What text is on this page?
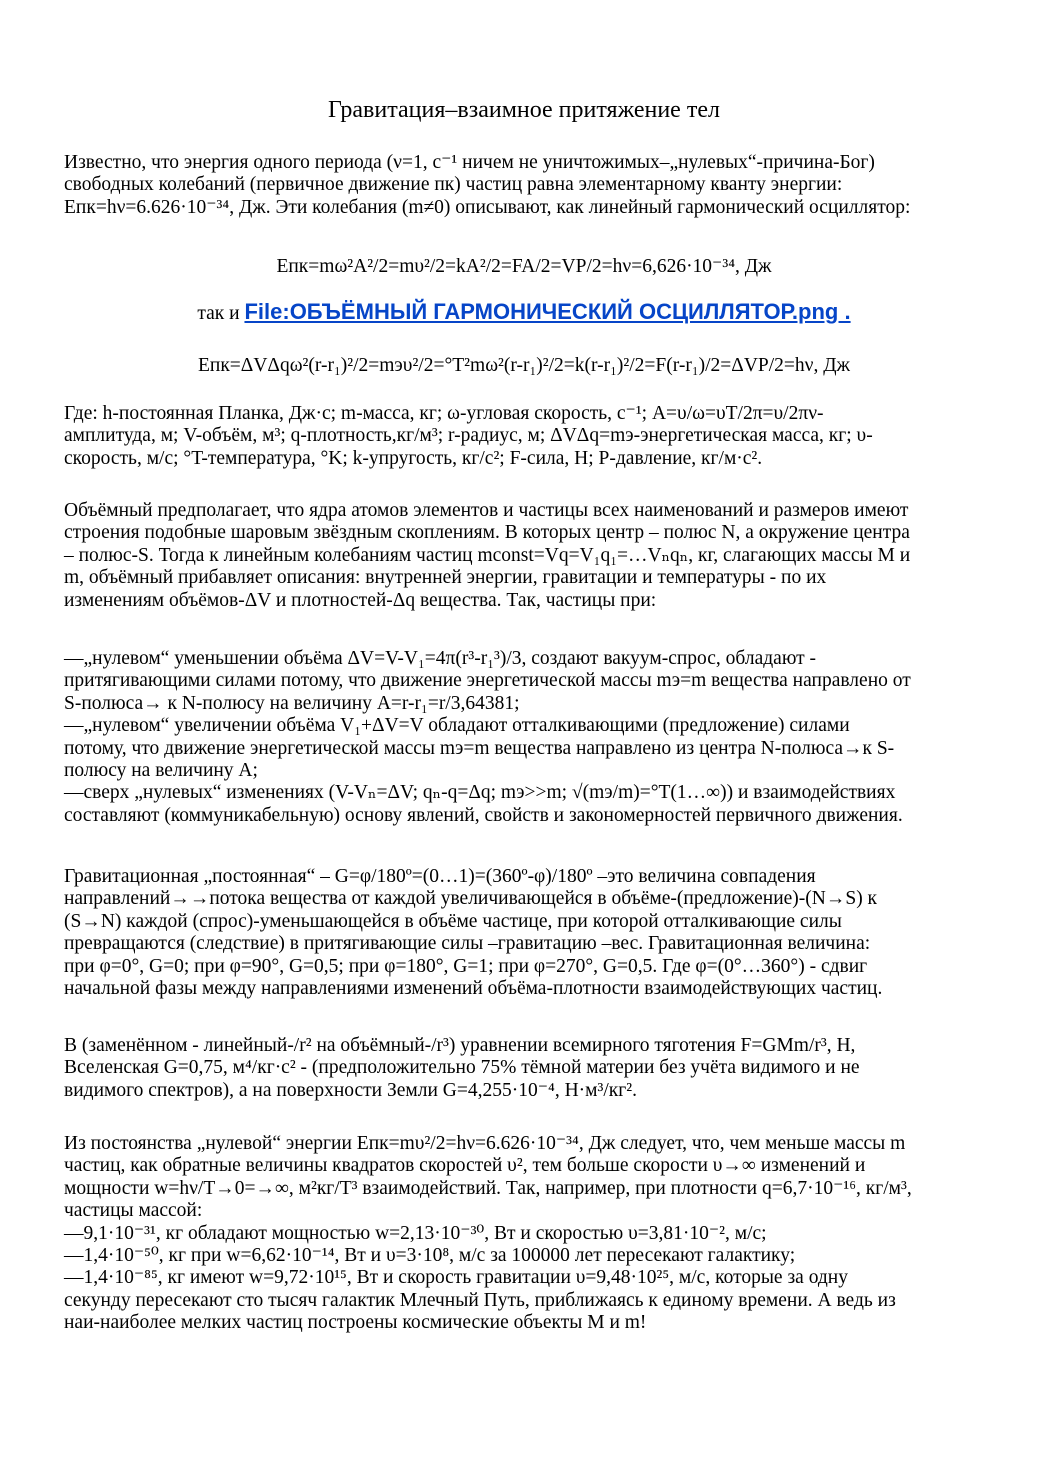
Гравитация–взаимное притяжение тел

Известно, что энергия одного периода (ν=1, c⁻¹ ничем не уничтожимых–„нулевых“-причина-Бог)
свободных колебаний (первичное движение пк) частиц равна элементарному кванту энергии:
Eпк=hν=6.626·10⁻³⁴, Дж. Эти колебания (m≠0) описывают, как линейный гармонический осциллятор:

Eпк=mω²A²/2=mυ²/2=kA²/2=FA/2=VP/2=hν=6,626·10⁻³⁴, Дж

так и File:ОБЪЁМНЫЙ ГАРМОНИЧЕСКИЙ ОСЦИЛЛЯТОР.png .

Eпк=ΔVΔqω²(r-r₁)²/2=mэυ²/2=°T²mω²(r-r₁)²/2=k(r-r₁)²/2=F(r-r₁)/2=ΔVP/2=hν, Дж

Где: h-постоянная Планка, Дж·с; m-масса, кг; ω-угловая скорость, с⁻¹; A=υ/ω=υT/2π=υ/2πν-
амплитуда, м; V-объём, м³; q-плотность,кг/м³; r-радиус, м; ΔVΔq=mэ-энергетическая масса, кг; υ-
скорость, м/с; °T-температура, °K; k-упругость, кг/с²; F-сила, Н; P-давление, кг/м·с².

Объёмный предполагает, что ядра атомов элементов и частицы всех наименований и размеров имеют
строения подобные шаровым звёздным скоплениям. В которых центр – полюс N, а окружение центра
– полюс-S. Тогда к линейным колебаниям частиц mconst=Vq=V₁q₁=…Vₙqₙ, кг, слагающих массы M и
m, объёмный прибавляет описания: внутренней энергии, гравитации и температуры - по их
изменениям объёмов-ΔV и плотностей-Δq вещества. Так, частицы при:

—„нулевом“ уменьшении объёма ΔV=V-V₁=4π(r³-r₁³)/3, создают вакуум-спрос, обладают -
притягивающими силами потому, что движение энергетической массы mэ=m вещества направлено от
S-полюса→ к N-полюсу на величину A=r-r₁=r/3,64381;
—„нулевом“ увеличении объёма V₁+ΔV=V обладают отталкивающими (предложение) силами
потому, что движение энергетической массы mэ=m вещества направлено из центра N-полюса→к S-
полюсу на величину A;
—сверх „нулевых“ изменениях (V-Vₙ=ΔV; qₙ-q=Δq; mэ>>m; √(mэ/m)=°T(1…∞)) и взаимодействиях
составляют (коммуникабельную) основу явлений, свойств и закономерностей первичного движения.

Гравитационная „постоянная“ – G=φ/180º=(0…1)=(360º-φ)/180º –это величина совпадения
направлений→→потока вещества от каждой увеличивающейся в объёме-(предложение)-(N→S) к
(S→N) каждой (спрос)-уменьшающейся в объёме частице, при которой отталкивающие силы
превращаются (следствие) в притягивающие силы –гравитацию –вес. Гравитационная величина:
при φ=0°, G=0; при φ=90°, G=0,5; при φ=180°, G=1; при φ=270°, G=0,5. Где φ=(0°…360°) - сдвиг
начальной фазы между направлениями изменений объёма-плотности взаимодействующих частиц.

В (заменённом - линейный-/r² на объёмный-/r³) уравнении всемирного тяготения F=GMm/r³, Н,
Вселенская G=0,75, м⁴/кг·с² - (предположительно 75% тёмной материи без учёта видимого и не
видимого спектров), а на поверхности Земли G=4,255·10⁻⁴, Н·м³/кг².

Из постоянства „нулевой“ энергии Eпк=mυ²/2=hν=6.626·10⁻³⁴, Дж следует, что, чем меньше массы m
частиц, как обратные величины квадратов скоростей υ², тем больше скорости υ→∞ изменений и
мощности w=hν/T→0=→∞, м²кг/T³ взаимодействий. Так, например, при плотности q=6,7·10⁻¹⁶, кг/м³,
частицы массой:
—9,1·10⁻³¹, кг обладают мощностью w=2,13·10⁻³⁰, Вт и скоростью υ=3,81·10⁻², м/с;
—1,4·10⁻⁵⁰, кг при w=6,62·10⁻¹⁴, Вт и υ=3·10⁸, м/с за 100000 лет пересекают галактику;
—1,4·10⁻⁸⁵, кг имеют w=9,72·10¹⁵, Вт и скорость гравитации υ=9,48·10²⁵, м/с, которые за одну
секунду пересекают сто тысяч галактик Млечный Путь, приближаясь к единому времени. А ведь из
наи-наиболее мелких частиц построены космические объекты M и m!
